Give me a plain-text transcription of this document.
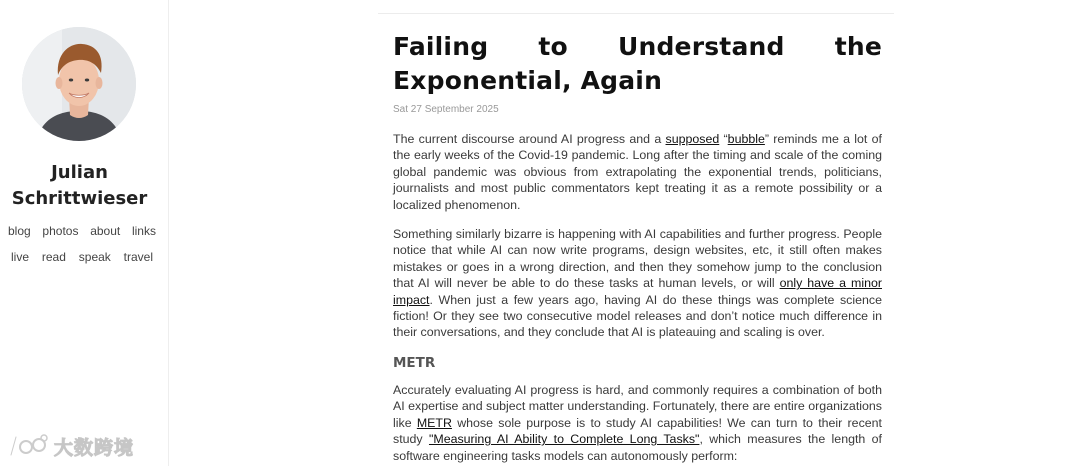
Julian
Schrittwieser
blog photos about links
live read speak travel
大数跨境
Failing to Understand the Exponential, Again
Sat 27 September 2025

The current discourse around AI progress and a supposed “bubble” reminds me a lot of the early weeks of the Covid-19 pandemic. Long after the timing and scale of the coming global pandemic was obvious from extrapolating the exponential trends, politicians, journalists and most public commentators kept treating it as a remote possibility or a localized phenomenon.

Something similarly bizarre is happening with AI capabilities and further progress. People notice that while AI can now write programs, design websites, etc, it still often makes mistakes or goes in a wrong direction, and then they somehow jump to the conclusion that AI will never be able to do these tasks at human levels, or will only have a minor impact. When just a few years ago, having AI do these things was complete science fiction! Or they see two consecutive model releases and don’t notice much difference in their conversations, and they conclude that AI is plateauing and scaling is over.

METR

Accurately evaluating AI progress is hard, and commonly requires a combination of both AI expertise and subject matter understanding. Fortunately, there are entire organizations like METR whose sole purpose is to study AI capabilities! We can turn to their recent study "Measuring AI Ability to Complete Long Tasks", which measures the length of software engineering tasks models can autonomously perform:
